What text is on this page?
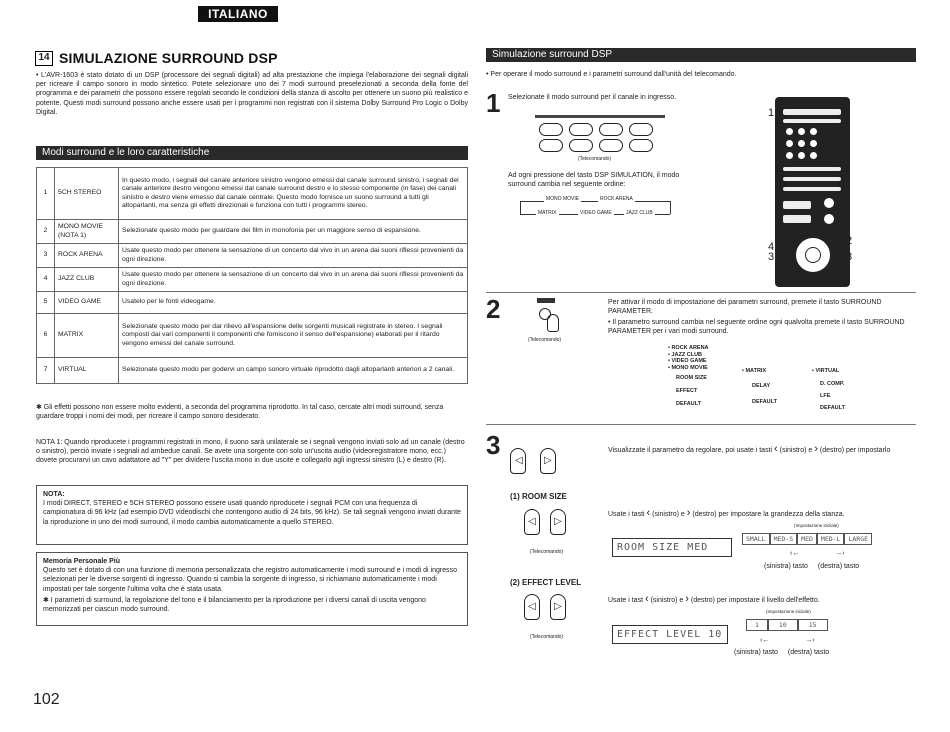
ITALIANO
14 SIMULAZIONE SURROUND DSP
• L'AVR-1603 è stato dotato di un DSP (processore dei segnali digitali) ad alta prestazione che impiega l'elaborazione dei segnali digitali per ricreare il campo sonoro in modo sintetico. Potete selezionare uno dei 7 modi surround preselezionati a seconda della fonte del programma e dei parametri che possono essere regolati secondo le condizioni della stanza di ascolto per ottenere un suono più realistico e potente. Questi modi surround possono anche essere usati per i programmi non registrati con il sistema Dolby Surround Pro Logic o Dolby Digital.
Modi surround e le loro caratteristiche
1	5CH STEREO	In questo modo, i segnali del canale anteriore sinistro vengono emessi dal canale surround sinistro, i segnali del canale anteriore destro vengono emessi dal canale surround destro e lo stesso componente (in fase) dei canali sinistro e destro viene emesso dal canale centrale. Questo modo fornisce un suono surround a tutti gli altoparlanti, ma senza gli effetti direzionali e funziona con tutti i programmi stereo.
2	MONO MOVIE (NOTA 1)	Selezionate questo modo per guardare dei film in monofonia per un maggiore senso di espansione.
3	ROCK ARENA	Usate questo modo per ottenere la sensazione di un concerto dal vivo in un arena dai suoni riflessi provenienti da ogni direzione.
4	JAZZ CLUB	Usate questo modo per ottenere la sensazione di un concerto dal vivo in un arena dai suoni riflessi provenienti da ogni direzione.
5	VIDEO GAME	Usatelo per le fonti videogame.
6	MATRIX	Selezionate questo modo per dar rilievo all'espansione delle sorgenti musicali registrate in stereo. I segnali composti dai vari componenti il componenti che forniscono il senso dell'espansione) elaborati per il ritardo vengono emessi del canale surround.
7	VIRTUAL	Selezionate questo modo per godervi un campo sonoro virtuale riprodotto dagli altoparlanti anteriori a 2 canali.
✱ Gli effetti possono non essere molto evidenti, a seconda del programma riprodotto. In tal caso, cercate altri modi surround, senza guardare troppi i nomi dei modi, per ricreare il campo sonoro desiderato.
NOTA 1: Quando riproducete i programmi registrati in mono, il suono sarà unilaterale se i segnali vengono inviati solo ad un canale (destro o sinistro), perciò inviate i segnali ad ambedue canali. Se avete una sorgente con solo un'uscita audio (videoregistratore mono, ecc.) dovete procurarvi un cavo adattatore ad "Y" per dividere l'uscita mono in due uscite e collegarlo agli ingressi sinistro (L) e destro (R).
NOTA:
I modi DIRECT, STEREO e 5CH STEREO possono essere usati quando riproducete i segnali PCM con una frequenza di campionatura di 96 kHz (ad esempio DVD videodischi che contengono audio di 24 bits, 96 kHz). Se tali segnali vengono inviati durante la riproduzione in uno dei modi surround, il modo cambia automaticamente a quello STEREO.
Memoria Personale Più
Questo set è dotato di con una funzione di memoria personalizzata che registro automaticamente i modi surround e i modi di ingresso selezionati per le diverse sorgenti di ingresso. Quando si cambia la sorgente di ingresso, si richiamano automaticamente i modi impostati per tale sorgente l'ultima volta che è stata usata.
✱ I parametri di surround, la regolazione del tono e il bilanciamento per la riproduzione per i diversi canali di uscita vengono memorizzati per ciascun modo surround.
102
Simulazione surround DSP
• Per operare il modo surround e i parametri surround dall'unità del telecomando.
1 Selezionate il modo surround per il canale in ingresso.
(Telecomando)
Ad ogni pressione del tasto DSP SIMULATION, il modo surround cambia nel seguente ordine:
MONO MOVIE	ROCK ARENA
MATRIX	VIDEO GAME	JAZZ CLUB
1
4
3
2
3
2
(Telecomando)
Per attivar il modo di impostazione dei parametri surround, premete il tasto SURROUND PARAMETER.
• Il parametro surround cambia nel seguente ordine ogni qualvolta premete il tasto SURROUND PARAMETER per i vari modi surround.
• ROCK ARENA
• JAZZ CLUB
• VIDEO GAME
• MONO MOVIE
ROOM SIZE
EFFECT
DEFAULT
• MATRIX
DELAY
DEFAULT
• VIRTUAL
D. COMP.
LFE
DEFAULT
3
◁ ▷
Visualizzate il parametro da regolare, poi usate i tasti ‹ (sinistro) e › (destro) per impostarlo
(1) ROOM SIZE
◁ ▷
(Telecomando)
Usate i tasti ‹ (sinistro) e › (destro) per impostare la grandezza della stanza.
(Impostazione iniziale)
ROOM SIZE MED
SMALL	MED-S	MED	MED-L	LARGE
‹←	→›
(sinistra) tasto (destra) tasto
(2) EFFECT LEVEL
◁ ▷
(Telecomando)
Usate i tast ‹ (sinistro) e › (destro) per impostare il livello dell'effetto.
(Impostazione iniziale)
EFFECT LEVEL 10
1	10	15
‹←	→›
(sinistra) tasto (destra) tasto
